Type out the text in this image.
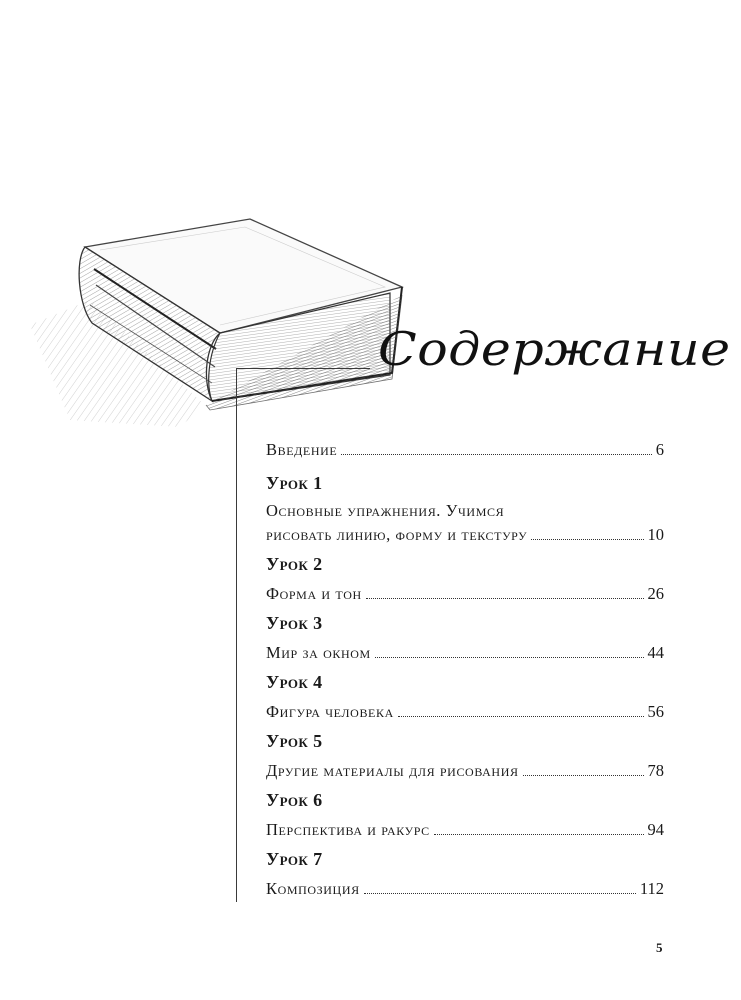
Содержание
Введение	6
Урок 1
Основные упражнения. Учимся
рисовать линию, форму и текстуру	10
Урок 2
Форма и тон	26
Урок 3
Мир за окном	44
Урок 4
Фигура человека	56
Урок 5
Другие материалы для рисования	78
Урок 6
Перспектива и ракурс	94
Урок 7
Композиция	112
5
